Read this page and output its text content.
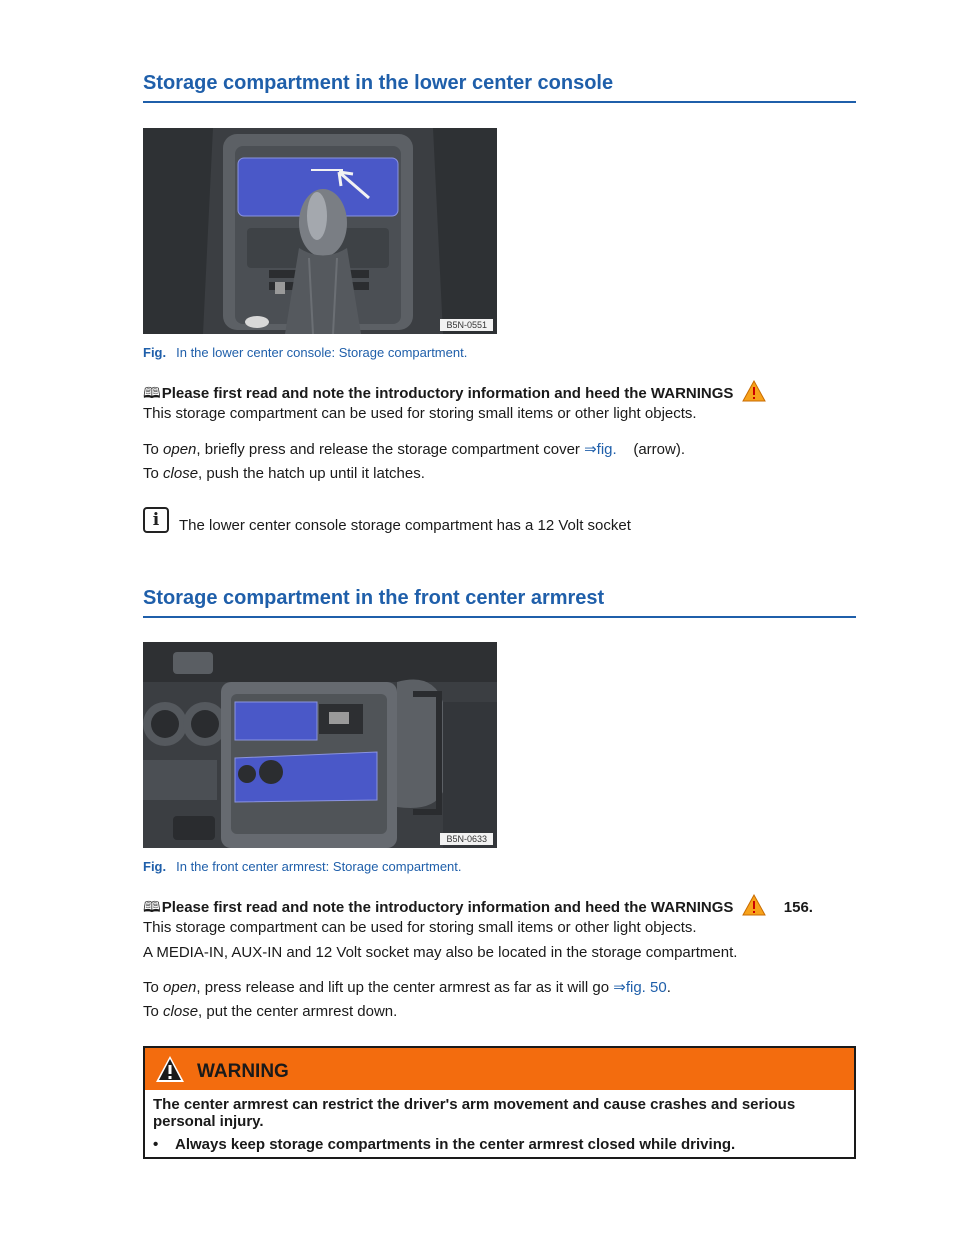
Storage compartment in the lower center console
B5N-0551
Fig. In the lower center console: Storage compartment.
🕮Please first read and note the introductory information and heed the WARNINGS
This storage compartment can be used for storing small items or other light objects.
To open, briefly press and release the storage compartment cover ⇒fig.    (arrow).
To close, push the hatch up until it latches.
i	The lower center console storage compartment has a 12 Volt socket
Storage compartment in the front center armrest
B5N-0633
Fig. In the front center armrest: Storage compartment.
🕮Please first read and note the introductory information and heed the WARNINGS	156.
This storage compartment can be used for storing small items or other light objects.
A MEDIA-IN, AUX-IN and 12 Volt socket may also be located in the storage compartment.
To open, press release and lift up the center armrest as far as it will go ⇒fig. 50.
To close, put the center armrest down.
WARNING
The center armrest can restrict the driver's arm movement and cause crashes and serious personal injury.
•	Always keep storage compartments in the center armrest closed while driving.
